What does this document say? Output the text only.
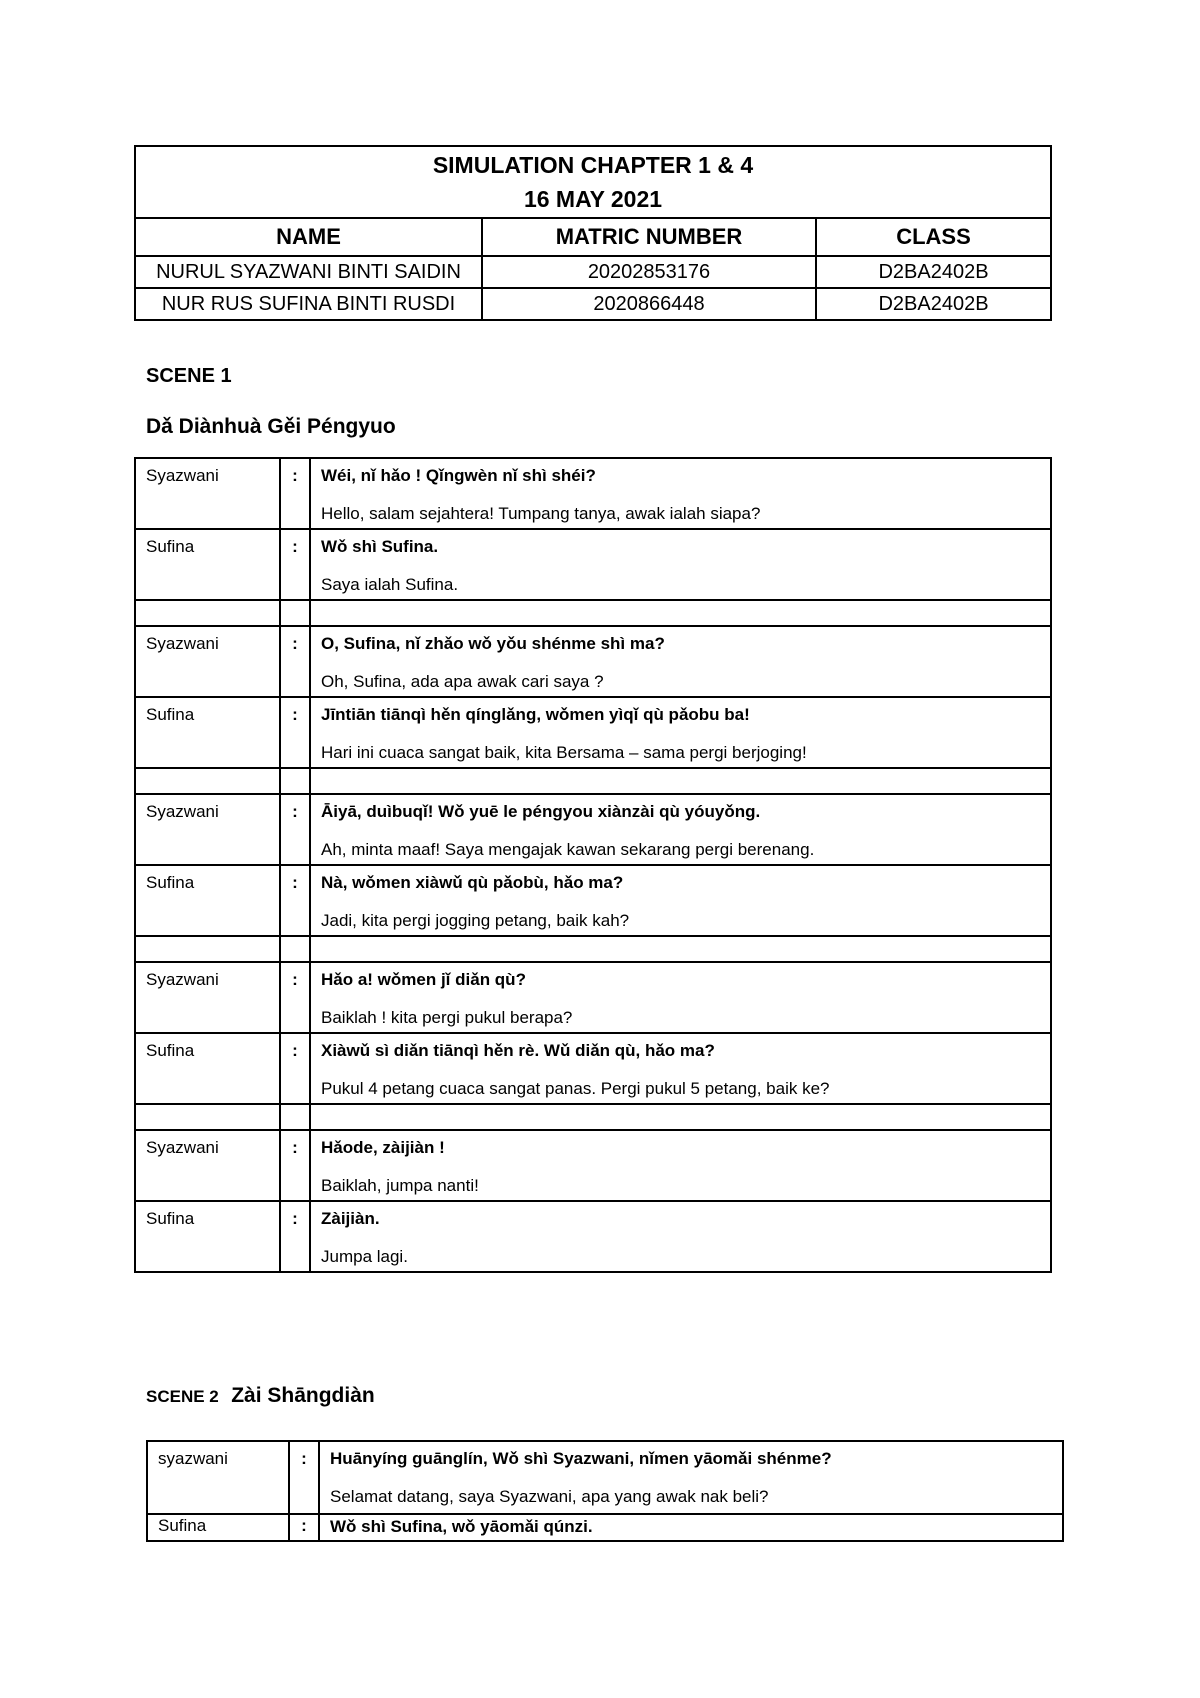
SIMULATION CHAPTER 1 & 4
16 MAY 2021		

NAME	MATRIC NUMBER	CLASS
NURUL SYAZWANI BINTI SAIDIN	20202853176	D2BA2402B
NUR RUS SUFINA BINTI RUSDI	2020866448	D2BA2402B
SCENE 1
Dǎ Diànhuà Gěi Péngyuo
Syazwani	:	Wéi, nǐ hǎo ! Qǐngwèn nǐ shì shéi?
Hello, salam sejahtera! Tumpang tanya, awak ialah siapa?

Sufina	:	Wǒ shì Sufina.
Saya ialah Sufina.

Syazwani	:	O, Sufina, nǐ zhǎo wǒ yǒu shénme shì ma?
Oh, Sufina, ada apa awak cari saya ?

Sufina	:	Jīntiān tiānqì hěn qínglǎng, wǒmen yìqǐ qù pǎobu ba!
Hari ini cuaca sangat baik, kita Bersama – sama pergi berjoging!

Syazwani	:	Āiyā, duìbuqǐ! Wǒ yuē le péngyou xiànzài qù yóuyǒng.
Ah, minta maaf! Saya mengajak kawan sekarang pergi berenang.

Sufina	:	Nà, wǒmen xiàwǔ qù pǎobù, hǎo ma?
Jadi, kita pergi jogging petang, baik kah?

Syazwani	:	Hǎo a! wǒmen jǐ diǎn qù?
Baiklah ! kita pergi pukul berapa?

Sufina	:	Xiàwǔ sì diǎn tiānqì hěn rè. Wǔ diǎn qù, hǎo ma?
Pukul 4 petang cuaca sangat panas. Pergi pukul 5 petang, baik ke?

Syazwani	:	Hǎode, zàijiàn !
Baiklah, jumpa nanti!

Sufina	:	Zàijiàn.
Jumpa lagi.
SCENE 2 Zài Shāngdiàn
syazwani	:	Huānyíng guānglín, Wǒ shì Syazwani, nǐmen yāomǎi shénme?
Selamat datang, saya Syazwani, apa yang awak nak beli?

Sufina	:	Wǒ shì Sufina, wǒ yāomǎi qúnzi.
